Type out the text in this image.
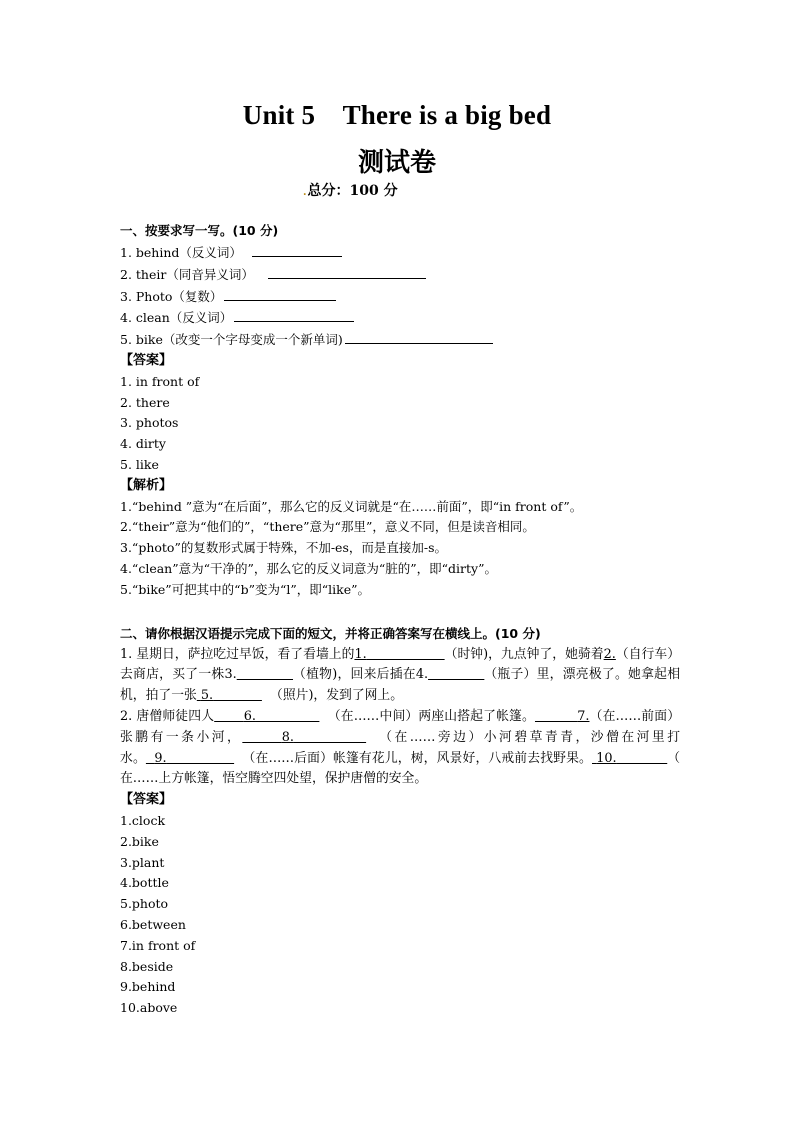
Unit 5    There is a big bed
测试卷
.总分：100 分
一、按要求写一写。(10 分)
1. behind（反义词）
2. their（同音异义词）
3. Photo（复数）
4. clean（反义词）
5. bike（改变一个字母变成一个新单词)
【答案】
1. in front of
2. there
3. photos
4. dirty
5. like
【解析】
1.“behind ”意为“在后面”，那么它的反义词就是“在……前面”，即“in front of”。
2.“their”意为“他们的”，“there”意为“那里”，意义不同，但是读音相同。
3.“photo”的复数形式属于特殊，不加-es，而是直接加-s。
4.“clean”意为“干净的”，那么它的反义词意为“脏的”，即“dirty”。
5.“bike”可把其中的“b”变为“l”，即“like”。
二、请你根据汉语提示完成下面的短文，并将正确答案写在横线上。(10 分)
1. 星期日，萨拉吃过早饭，看了看墙上的1.	（时钟)，九点钟了，她骑着2.（自行车）去商店，买了一株3.	（植物)，回来后插在4.	（瓶子）里，漂亮极了。她拿起相机，拍了一张 5.	（照片)，发到了网上。
2. 唐僧师徒四人 6.	（在……中间）两座山搭起了帐篷。	7.（在……前面）张鹏有一条小河，	8.	（在……旁边）小河碧草青青，沙僧在河里打水。 9.	（在……后面）帐篷有花儿，树，风景好，八戒前去找野果。 10.	（ 在……上方帐篷，悟空腾空四处望，保护唐僧的安全。
【答案】
1.clock
2.bike
3.plant
4.bottle
5.photo
6.between
7.in front of
8.beside
9.behind
10.above
